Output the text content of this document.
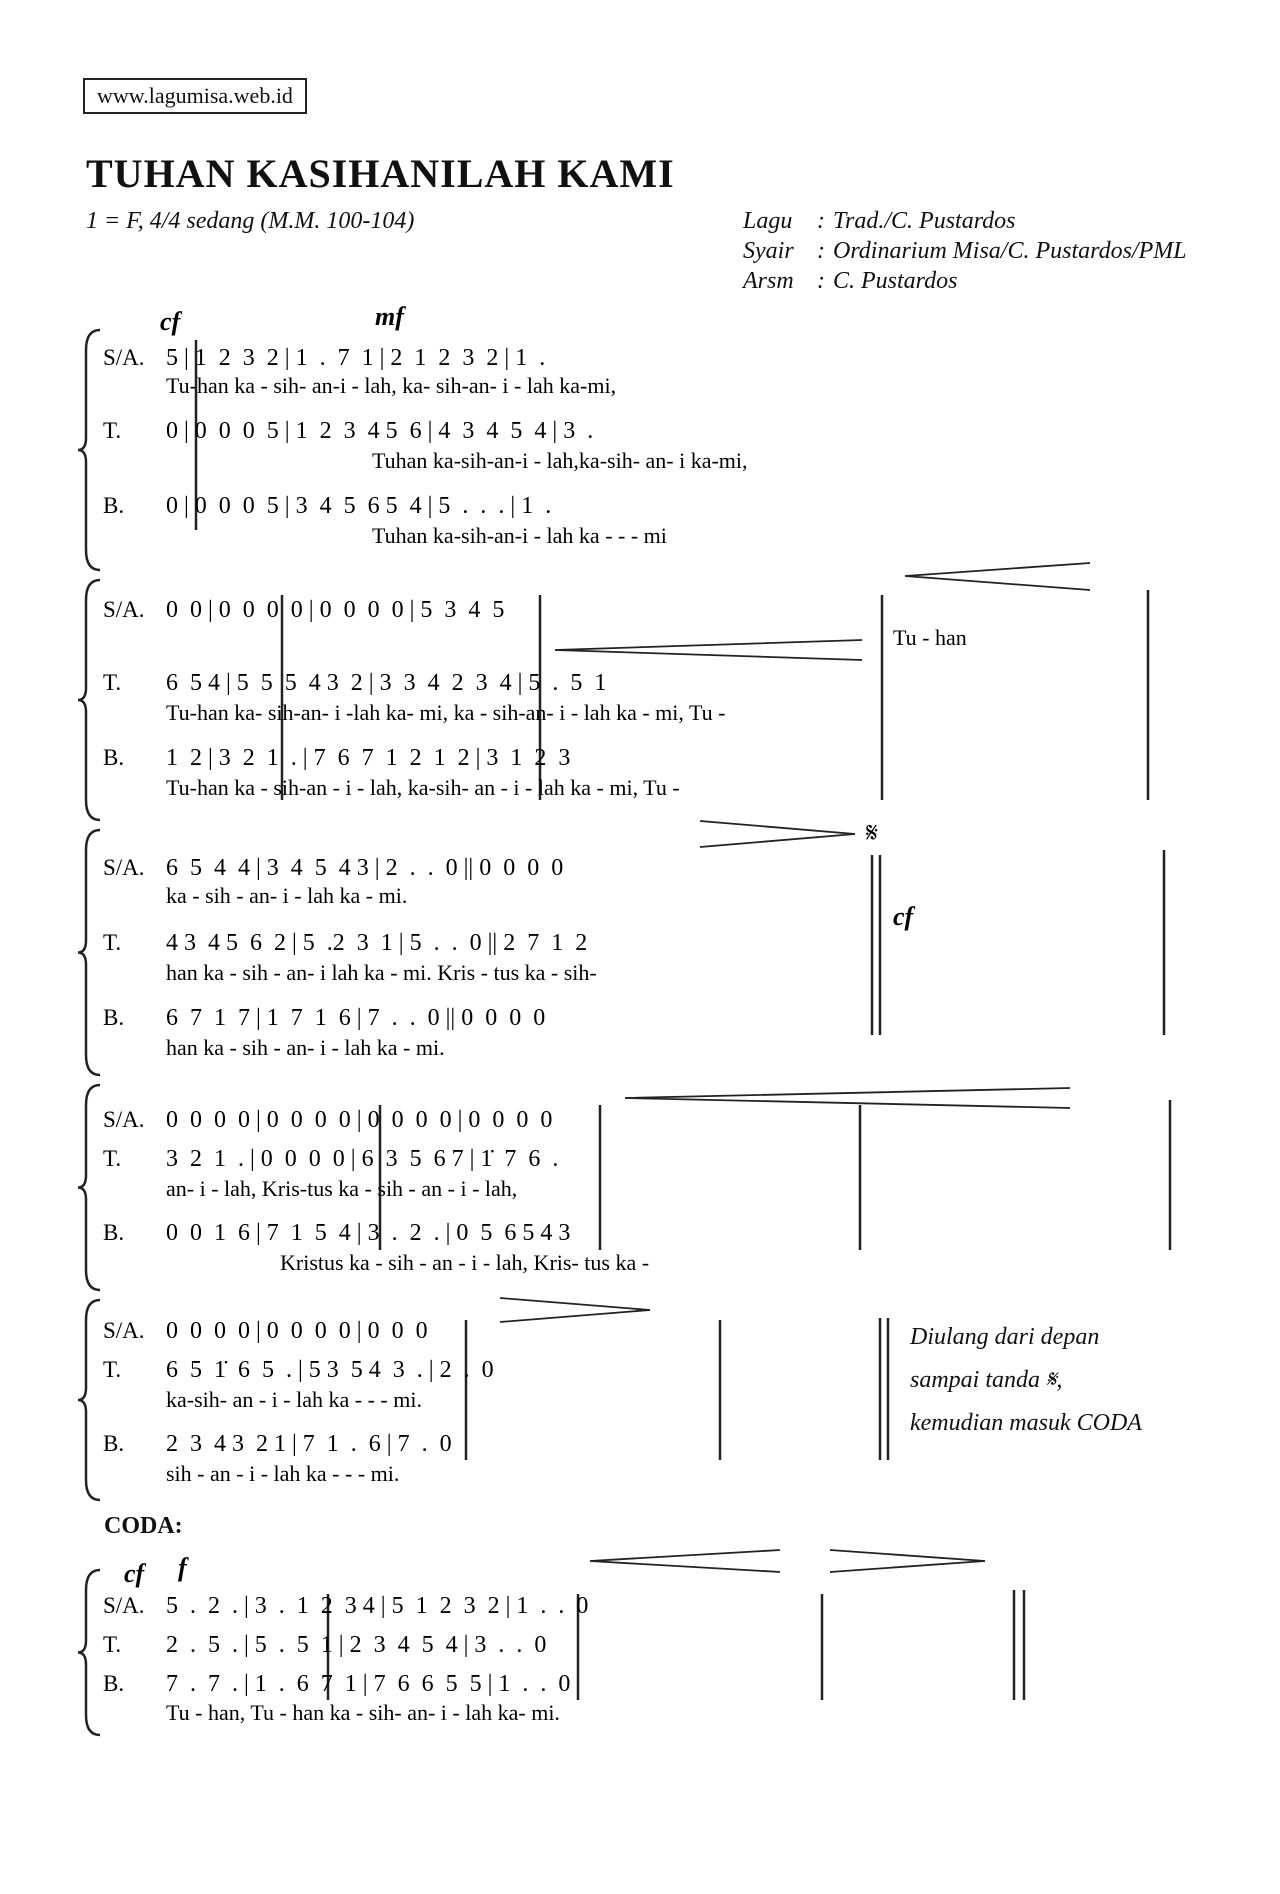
www.lagumisa.web.id
TUHAN KASIHANILAH KAMI
1 = F, 4/4 sedang (M.M. 100-104)	Lagu : Trad./C. Pustardos
Syair : Ordinarium Misa/C. Pustardos/PML
Arsm : C. Pustardos
cf	mf
cf
cf f
𝄋
S/A. 5 | 1  2  3  2 | 1  .  7  1 | 2  1  2  3  2 | 1  .
Tu-han ka - sih- an-i - lah, ka- sih-an- i - lah ka-mi,
T. 0 | 0  0  0  5 | 1  2  3  4 5  6 | 4  3  4  5  4 | 3  .
Tuhan ka-sih-an-i - lah,ka-sih- an- i ka-mi,
B. 0 | 0  0  0  5 | 3  4  5  6 5  4 | 5  .  .  . | 1  .
Tuhan ka-sih-an-i - lah ka - - - mi
S/A. 0  0 | 0  0  0  0 | 0  0  0  0 | 5  3  4  5
Tu - han
T. 6  5 4 | 5  5  5  4 3  2 | 3  3  4  2  3  4 | 5  .  5  1
Tu-han ka- sih-an- i -lah ka- mi, ka - sih-an- i - lah ka - mi, Tu -
B. 1  2 | 3  2  1  . | 7  6  7  1  2  1  2 | 3  1  2  3
Tu-han ka - sih-an - i - lah, ka-sih- an - i - lah ka - mi, Tu -
S/A. 6  5  4  4 | 3  4  5  4 3 | 2  .  .  0 || 0  0  0  0
ka - sih - an- i - lah ka - mi.
T. 4 3  4 5  6  2 | 5  .2  3  1 | 5  .  .  0 || 2  7  1  2
han ka - sih - an- i lah ka - mi. Kris - tus ka - sih-
B. 6  7  1  7 | 1  7  1  6 | 7  .  .  0 || 0  0  0  0
han ka - sih - an- i - lah ka - mi.
S/A. 0  0  0  0 | 0  0  0  0 | 0  0  0  0 | 0  0  0  0
T. 3  2  1  . | 0  0  0  0 | 6  3  5  6 7 | 1̇  7  6  .
an- i - lah, Kris-tus ka - sih - an - i - lah,
B. 0  0  1  6 | 7  1  5  4 | 3  .  2  . | 0  5  6 5 4 3
Kristus ka - sih - an - i - lah, Kris- tus ka -
S/A. 0  0  0  0 | 0  0  0  0 | 0  0  0
T. 6  5  1̇  6  5  . | 5 3  5 4  3  . | 2  .  0
ka-sih- an - i - lah ka - - - mi.
B. 2  3  4 3  2 1 | 7  1  .  6 | 7  .  0
sih - an - i - lah ka - - - mi.
S/A. 5  .  2  . | 3  .  1  2  3 4 | 5  1  2  3  2 | 1  .  .  0
T. 2  .  5  . | 5  .  5  1 | 2  3  4  5  4 | 3  .  .  0
B. 7  .  7  . | 1  .  6  7  1 | 7  6  6  5  5 | 1  .  .  0
Tu - han, Tu - han ka - sih- an- i - lah ka- mi.
Diulang dari depan
sampai tanda 𝄋,
kemudian masuk CODA
CODA:
